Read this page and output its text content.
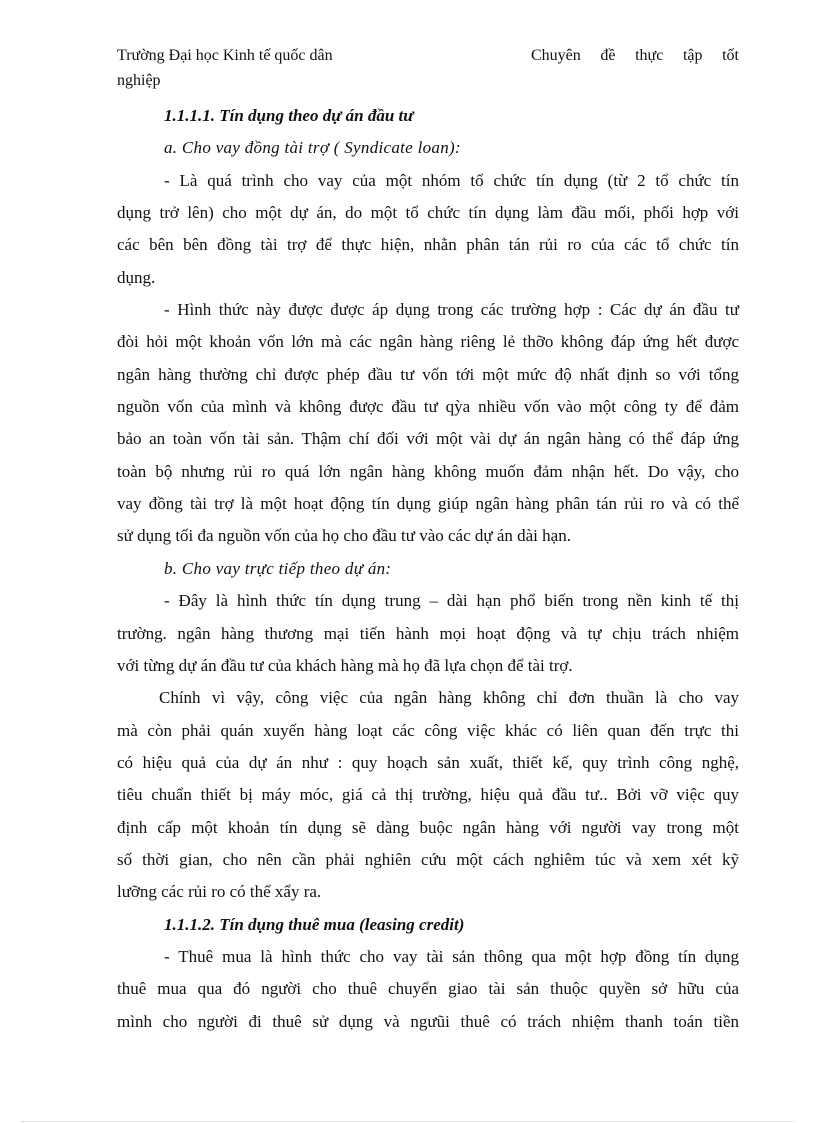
Trường Đại học Kinh tế quốc dân
nghiệp
Chuyên đề thực tập tốt
1.1.1.1. Tín dụng theo dự án đầu tư
a. Cho vay đồng tài trợ ( Syndicate loan):
- Là quá trình cho vay của một nhóm tổ chức tín dụng (từ 2 tổ chức tín
dụng trở lên) cho một dự án, do một tổ chức tín dụng làm đầu mối, phối hợp với
các bên bên đồng tài trợ để thực hiện, nhằn phân tán rủi ro của các tổ chức tín
dụng.
- Hình thức này được được áp dụng trong các trường hợp : Các dự án đầu tư
đòi hỏi một khoản vốn lớn mà các ngân hàng riêng lẻ thỡo không đáp ứng hết được
ngân hàng thường chỉ được phép đầu tư vốn tới một mức độ nhất định so với tổng
nguồn vốn của mình và không được đầu tư qỳa nhiều vốn vào một công ty để đảm
bảo an toàn vốn tài sản. Thậm chí đối với một vài dự án ngân hàng có thể đáp ứng
toàn bộ nhưng rủi ro quá lớn ngân hàng không muốn đảm nhận hết. Do vậy, cho
vay đồng tài trợ là một hoạt động tín dụng giúp ngân hàng phân tán rủi ro và có thể
sử dụng tối đa nguồn vốn của họ cho đầu tư vào các dự án dài hạn.
b. Cho vay trực tiếp theo dự án:
- Đây là hình thức tín dụng trung – dài hạn phổ biến trong nền kinh tế thị
trường. ngân hàng thương mại tiến hành mọi hoạt động và tự chịu trách nhiệm
với từng dự án đầu tư của khách hàng mà họ đã lựa chọn để tài trợ.
Chính vì vậy, công việc của ngân hàng không chỉ đơn thuần là cho vay
mà còn phải quán xuyến hàng loạt các công việc khác có liên quan đến trực thi
có hiệu quả của dự án như : quy hoạch sản xuất, thiết kế, quy trình công nghệ,
tiêu chuẩn thiết bị máy móc, giá cả thị trường, hiệu quả đầu tư.. Bởi vỡ việc quy
định cấp một khoản tín dụng sẽ dàng buộc ngân hàng với người vay trong một
số thời gian, cho nên cần phải nghiên cứu một cách nghiêm túc và xem xét kỹ
lưỡng các rủi ro có thể xẩy ra.
1.1.1.2. Tín dụng thuê mua (leasing credit)
- Thuê mua là hình thức cho vay tài sản thông qua một hợp đồng tín dụng
thuê mua qua đó người cho thuê chuyển giao tài sản thuộc quyền sở hữu của
mình cho người đi thuê sử dụng và ngưũi thuê có trách nhiệm thanh toán tiền
